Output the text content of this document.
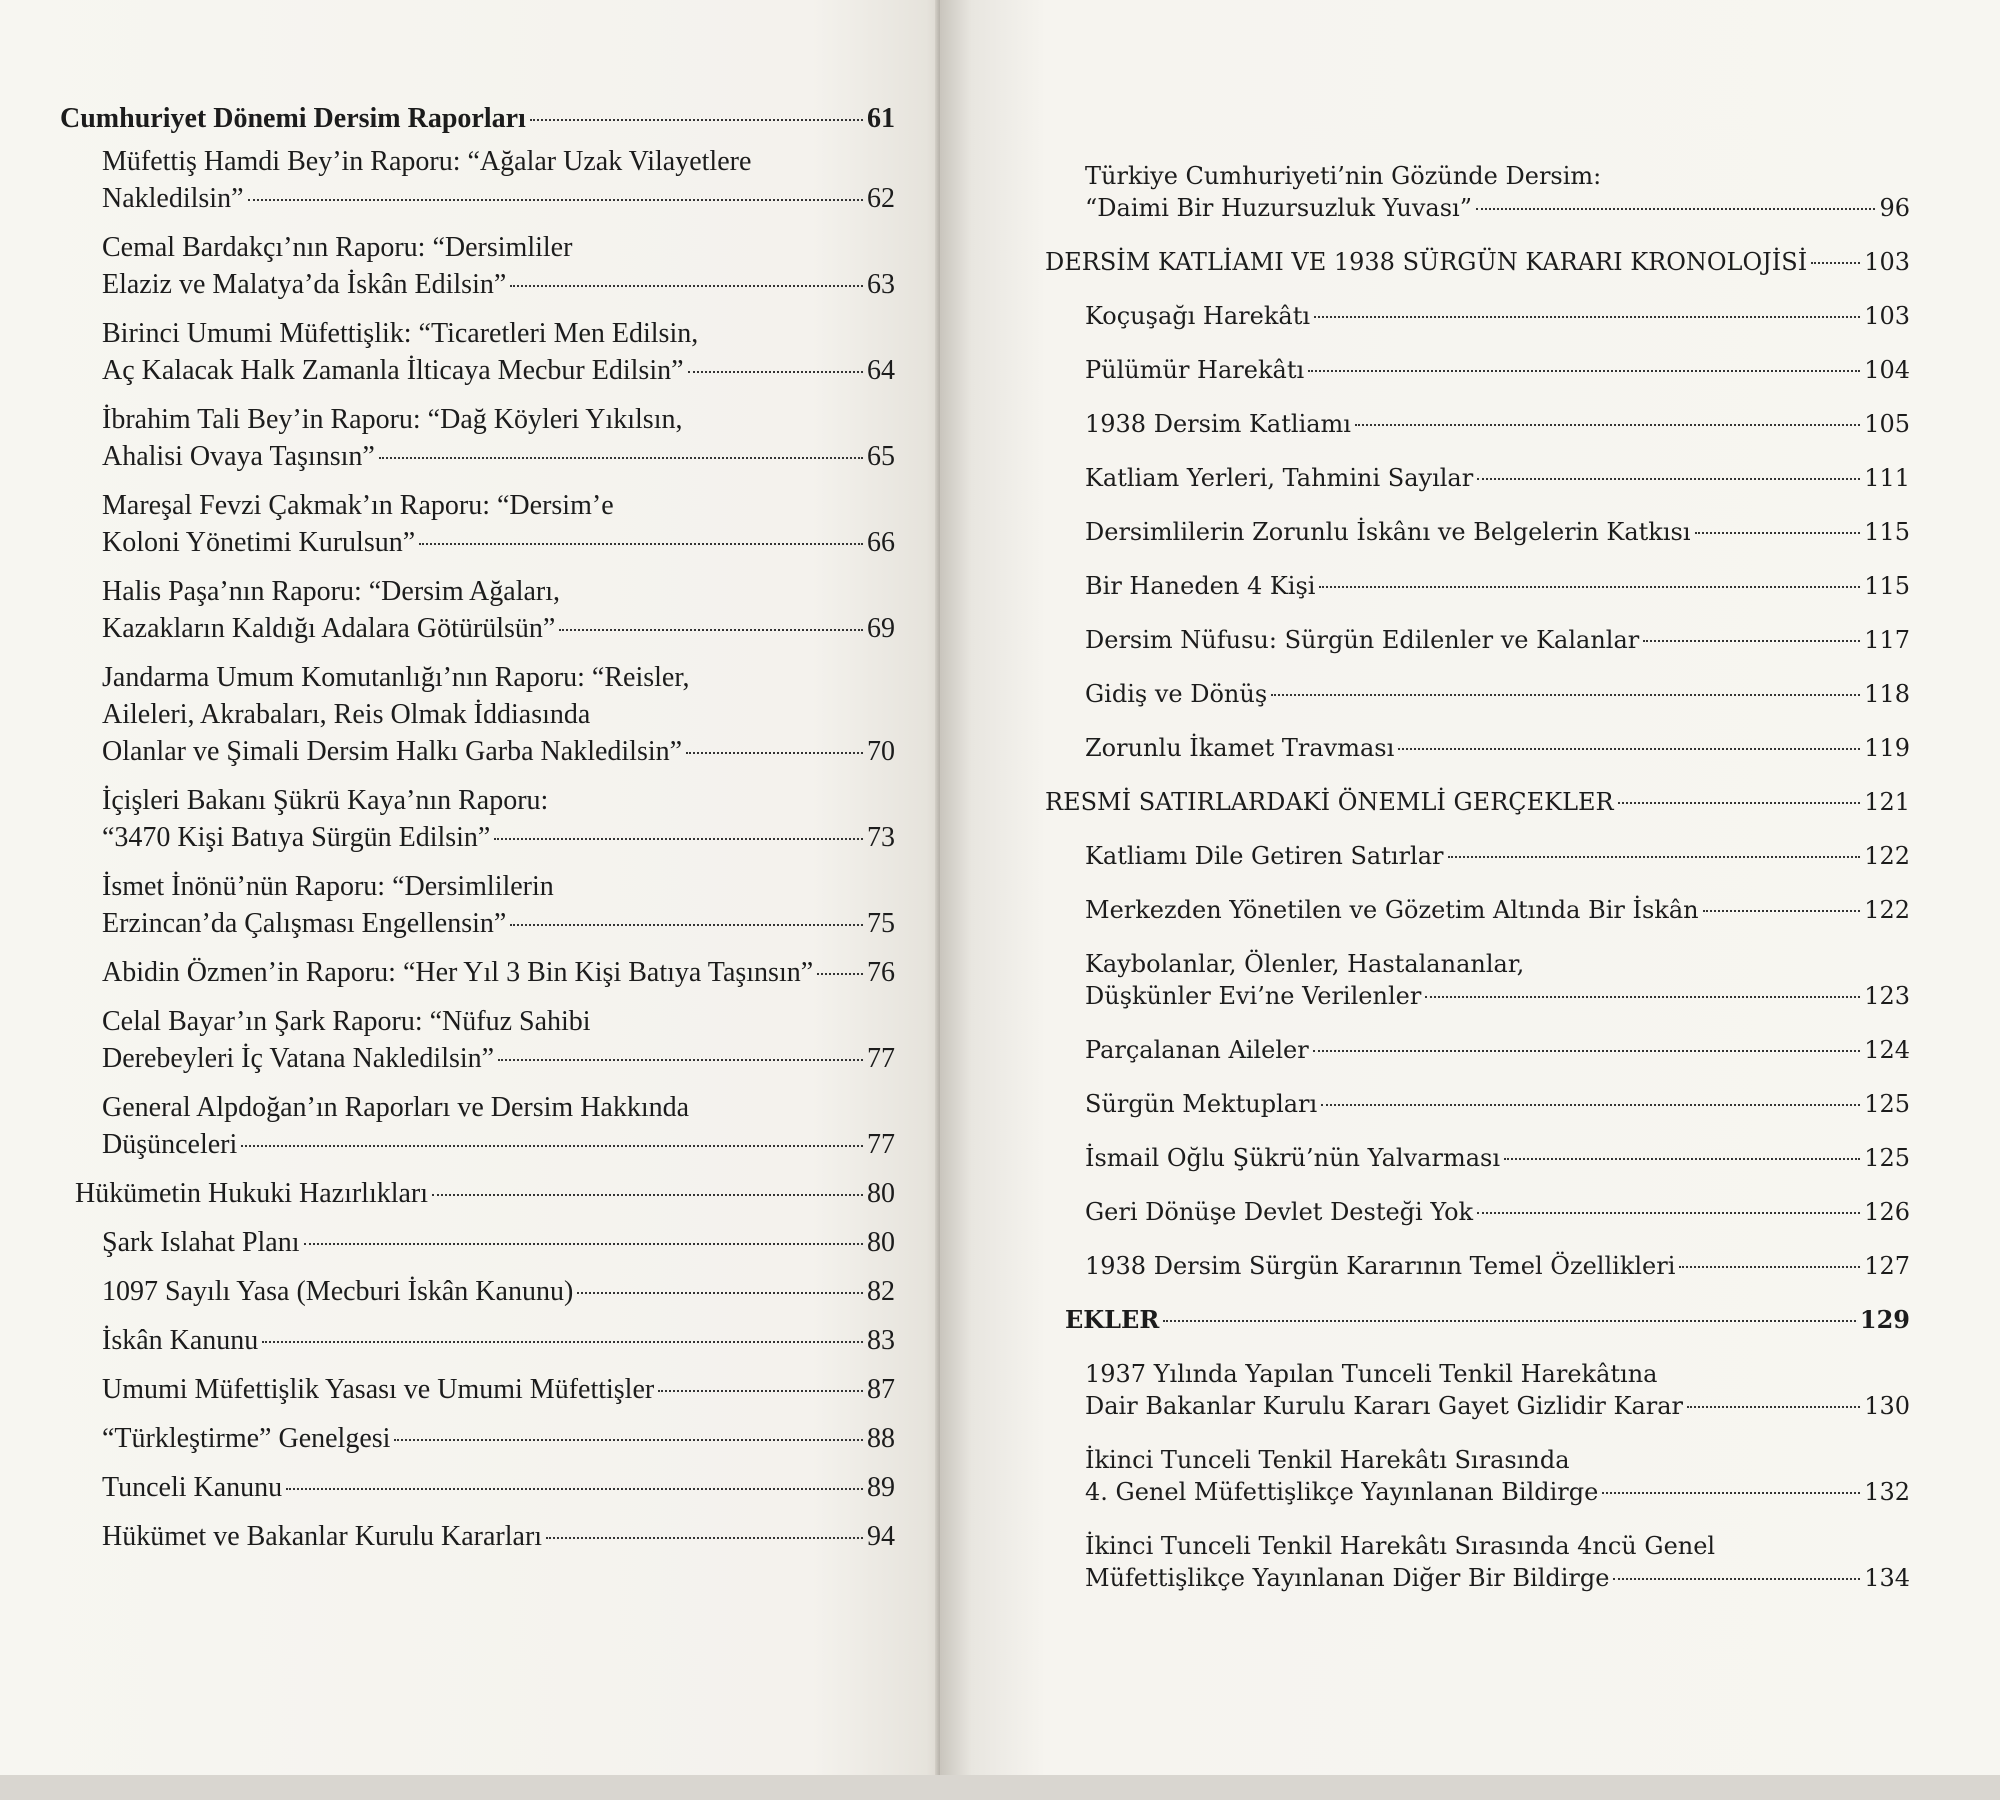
Cumhuriyet Dönemi Dersim Raporları	61
Müfettiş Hamdi Bey’in Raporu: “Ağalar Uzak Vilayetlere
Nakledilsin”	62
Cemal Bardakçı’nın Raporu: “Dersimliler
Elaziz ve Malatya’da İskân Edilsin”	63
Birinci Umumi Müfettişlik: “Ticaretleri Men Edilsin,
Aç Kalacak Halk Zamanla İlticaya Mecbur Edilsin”	64
İbrahim Tali Bey’in Raporu: “Dağ Köyleri Yıkılsın,
Ahalisi Ovaya Taşınsın”	65
Mareşal Fevzi Çakmak’ın Raporu: “Dersim’e
Koloni Yönetimi Kurulsun”	66
Halis Paşa’nın Raporu: “Dersim Ağaları,
Kazakların Kaldığı Adalara Götürülsün”	69
Jandarma Umum Komutanlığı’nın Raporu: “Reisler,
Aileleri, Akrabaları, Reis Olmak İddiasında
Olanlar ve Şimali Dersim Halkı Garba Nakledilsin”	70
İçişleri Bakanı Şükrü Kaya’nın Raporu:
“3470 Kişi Batıya Sürgün Edilsin”	73
İsmet İnönü’nün Raporu: “Dersimlilerin
Erzincan’da Çalışması Engellensin”	75
Abidin Özmen’in Raporu: “Her Yıl 3 Bin Kişi Batıya Taşınsın” 76
Celal Bayar’ın Şark Raporu: “Nüfuz Sahibi
Derebeyleri İç Vatana Nakledilsin”	77
General Alpdoğan’ın Raporları ve Dersim Hakkında
Düşünceleri	77
Hükümetin Hukuki Hazırlıkları	80
Şark Islahat Planı	80
1097 Sayılı Yasa (Mecburi İskân Kanunu)	82
İskân Kanunu	83
Umumi Müfettişlik Yasası ve Umumi Müfettişler	87
“Türkleştirme” Genelgesi	88
Tunceli Kanunu	89
Hükümet ve Bakanlar Kurulu Kararları	94
Türkiye Cumhuriyeti’nin Gözünde Dersim:
“Daimi Bir Huzursuzluk Yuvası”	96
DERSİM KATLİAMI VE 1938 SÜRGÜN KARARI KRONOLOJİSİ 103
Koçuşağı Harekâtı	103
Pülümür Harekâtı	104
1938 Dersim Katliamı	105
Katliam Yerleri, Tahmini Sayılar	111
Dersimlilerin Zorunlu İskânı ve Belgelerin Katkısı	115
Bir Haneden 4 Kişi	115
Dersim Nüfusu: Sürgün Edilenler ve Kalanlar	117
Gidiş ve Dönüş	118
Zorunlu İkamet Travması	119
RESMİ SATIRLARDAKİ ÖNEMLİ GERÇEKLER	121
Katliamı Dile Getiren Satırlar	122
Merkezden Yönetilen ve Gözetim Altında Bir İskân	122
Kaybolanlar, Ölenler, Hastalananlar,
Düşkünler Evi’ne Verilenler	123
Parçalanan Aileler	124
Sürgün Mektupları	125
İsmail Oğlu Şükrü’nün Yalvarması	125
Geri Dönüşe Devlet Desteği Yok	126
1938 Dersim Sürgün Kararının Temel Özellikleri	127
EKLER	129
1937 Yılında Yapılan Tunceli Tenkil Harekâtına
Dair Bakanlar Kurulu Kararı Gayet Gizlidir Karar	130
İkinci Tunceli Tenkil Harekâtı Sırasında
4. Genel Müfettişlikçe Yayınlanan Bildirge	132
İkinci Tunceli Tenkil Harekâtı Sırasında 4ncü Genel
Müfettişlikçe Yayınlanan Diğer Bir Bildirge	134
